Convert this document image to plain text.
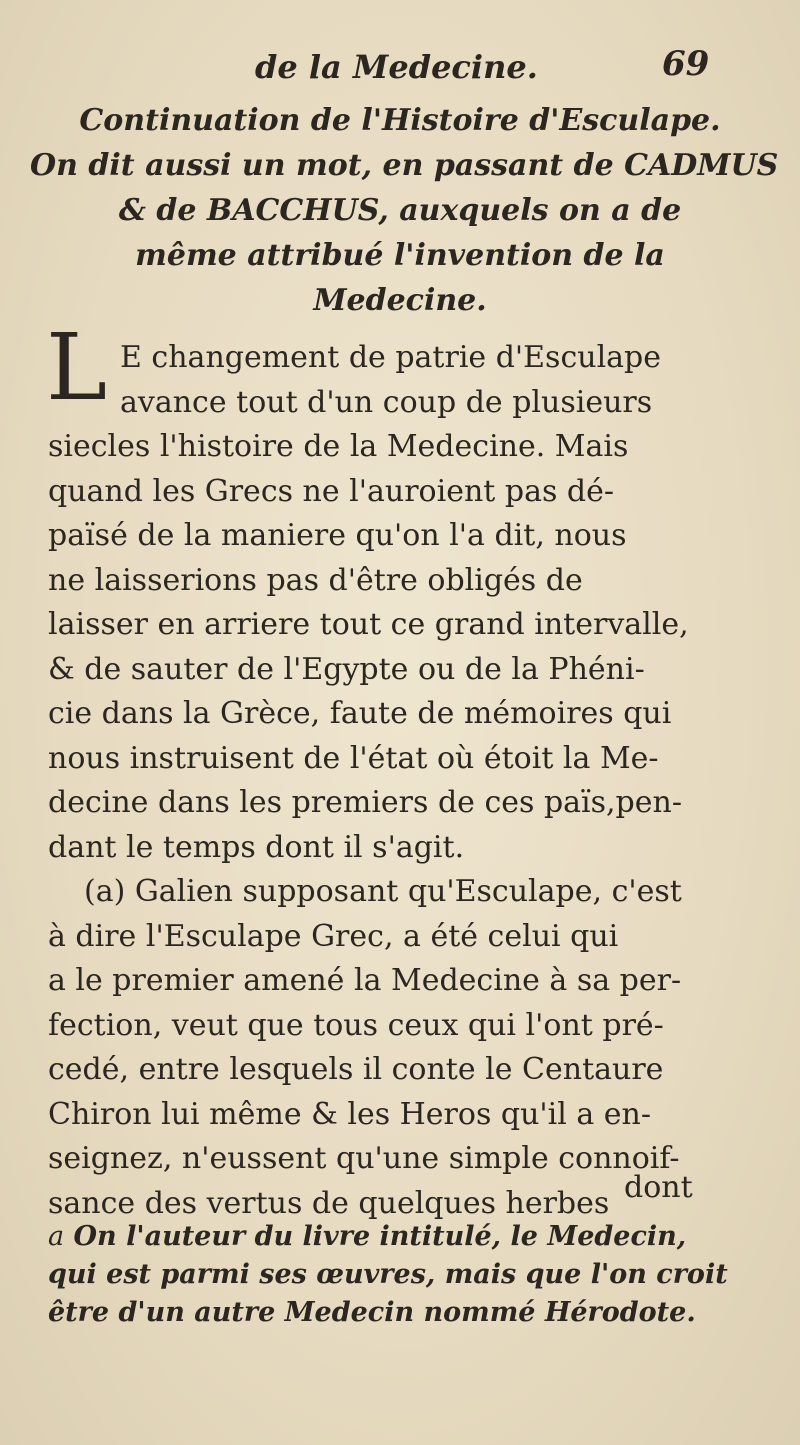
de la Medecine.	69
Continuation de l'Histoire d'Esculape.
On dit aussi un mot, en passant de CADMUS
& de BACCHUS, auxquels on a de
même attribué l'invention de la
Medecine.
L E changement de patrie d'Esculape
avance tout d'un coup de plusieurs
siecles l'histoire de la Medecine. Mais
quand les Grecs ne l'auroient pas dé-
païsé de la maniere qu'on l'a dit, nous
ne laisserions pas d'être obligés de
laisser en arriere tout ce grand intervalle,
& de sauter de l'Egypte ou de la Phéni-
cie dans la Grèce, faute de mémoires qui
nous instruisent de l'état où étoit la Me-
decine dans les premiers de ces païs,pen-
dant le temps dont il s'agit.
(a) Galien supposant qu'Esculape, c'est
à dire l'Esculape Grec, a été celui qui
a le premier amené la Medecine à sa per-
fection, veut que tous ceux qui l'ont pré-
cedé, entre lesquels il conte le Centaure
Chiron lui même & les Heros qu'il a en-
seignez, n'eussent qu'une simple connoif-
sance des vertus de quelques herbes dont
a On l'auteur du livre intitulé, le Medecin,
qui est parmi ses œuvres, mais que l'on croit
être d'un autre Medecin nommé Hérodote.
